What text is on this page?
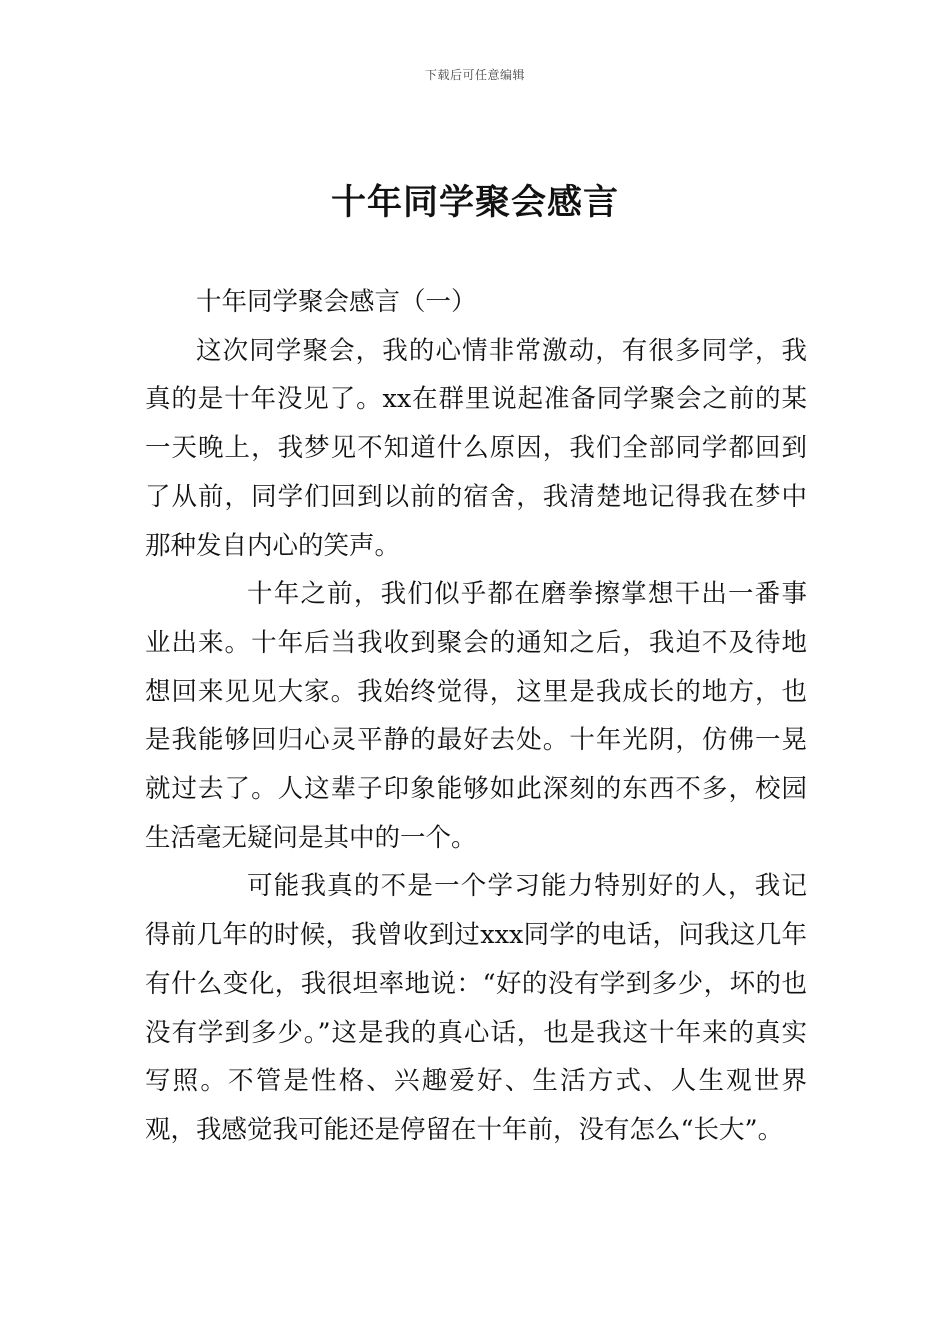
下载后可任意编辑
十年同学聚会感言

十年同学聚会感言（一）

这次同学聚会，我的心情非常激动，有很多同学，我真的是十年没见了。xx在群里说起准备同学聚会之前的某一天晚上，我梦见不知道什么原因，我们全部同学都回到了从前，同学们回到以前的宿舍，我清楚地记得我在梦中那种发自内心的笑声。

十年之前，我们似乎都在磨拳擦掌想干出一番事业出来。十年后当我收到聚会的通知之后，我迫不及待地想回来见见大家。我始终觉得，这里是我成长的地方，也是我能够回归心灵平静的最好去处。十年光阴，仿佛一晃就过去了。人这辈子印象能够如此深刻的东西不多，校园生活毫无疑问是其中的一个。

可能我真的不是一个学习能力特别好的人，我记得前几年的时候，我曾收到过xxx同学的电话，问我这几年有什么变化，我很坦率地说：“好的没有学到多少，坏的也没有学到多少。”这是我的真心话，也是我这十年来的真实写照。不管是性格、兴趣爱好、生活方式、人生观世界观，我感觉我可能还是停留在十年前，没有怎么“长大”。
